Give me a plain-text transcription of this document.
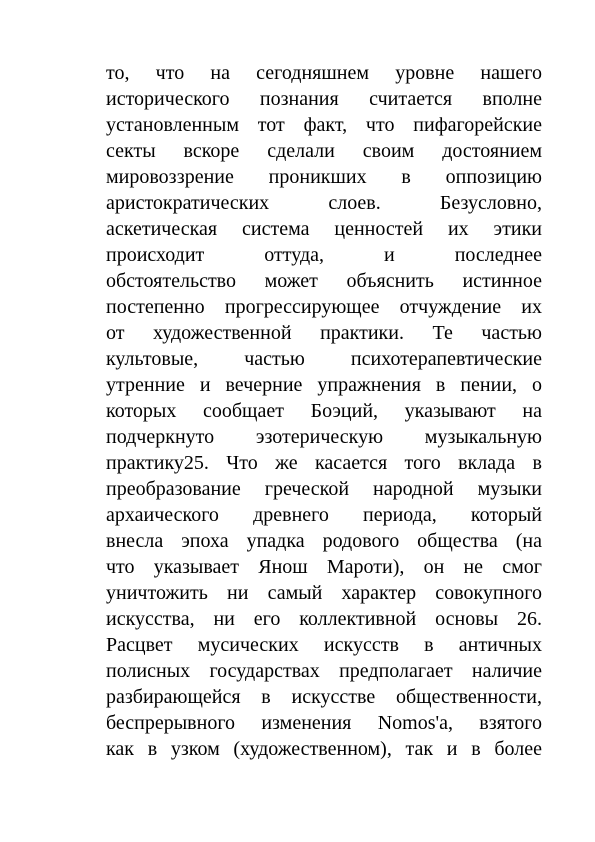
то, что на сегодняшнем уровне нашего
исторического познания считается вполне
установленным тот факт, что пифагорейские
секты вскоре сделали своим достоянием
мировоззрение проникших в оппозицию
аристократических слоев. Безусловно,
аскетическая система ценностей их этики
происходит оттуда, и последнее
обстоятельство может объяснить истинное
постепенно прогрессирующее отчуждение их
от художественной практики. Те частью
культовые, частью психотерапевтические
утренние и вечерние упражнения в пении, о
которых сообщает Боэций, указывают на
подчеркнуто эзотерическую музыкальную
практику25. Что же касается того вклада в
преобразование греческой народной музыки
архаического древнего периода, который
внесла эпоха упадка родового общества (на
что указывает Янош Мароти), он не смог
уничтожить ни самый характер совокупного
искусства, ни его коллективной основы 26.
Расцвет мусических искусств в античных
полисных государствах предполагает наличие
разбирающейся в искусстве общественности,
беспрерывного изменения Nomos'a, взятого
как в узком (художественном), так и в более
